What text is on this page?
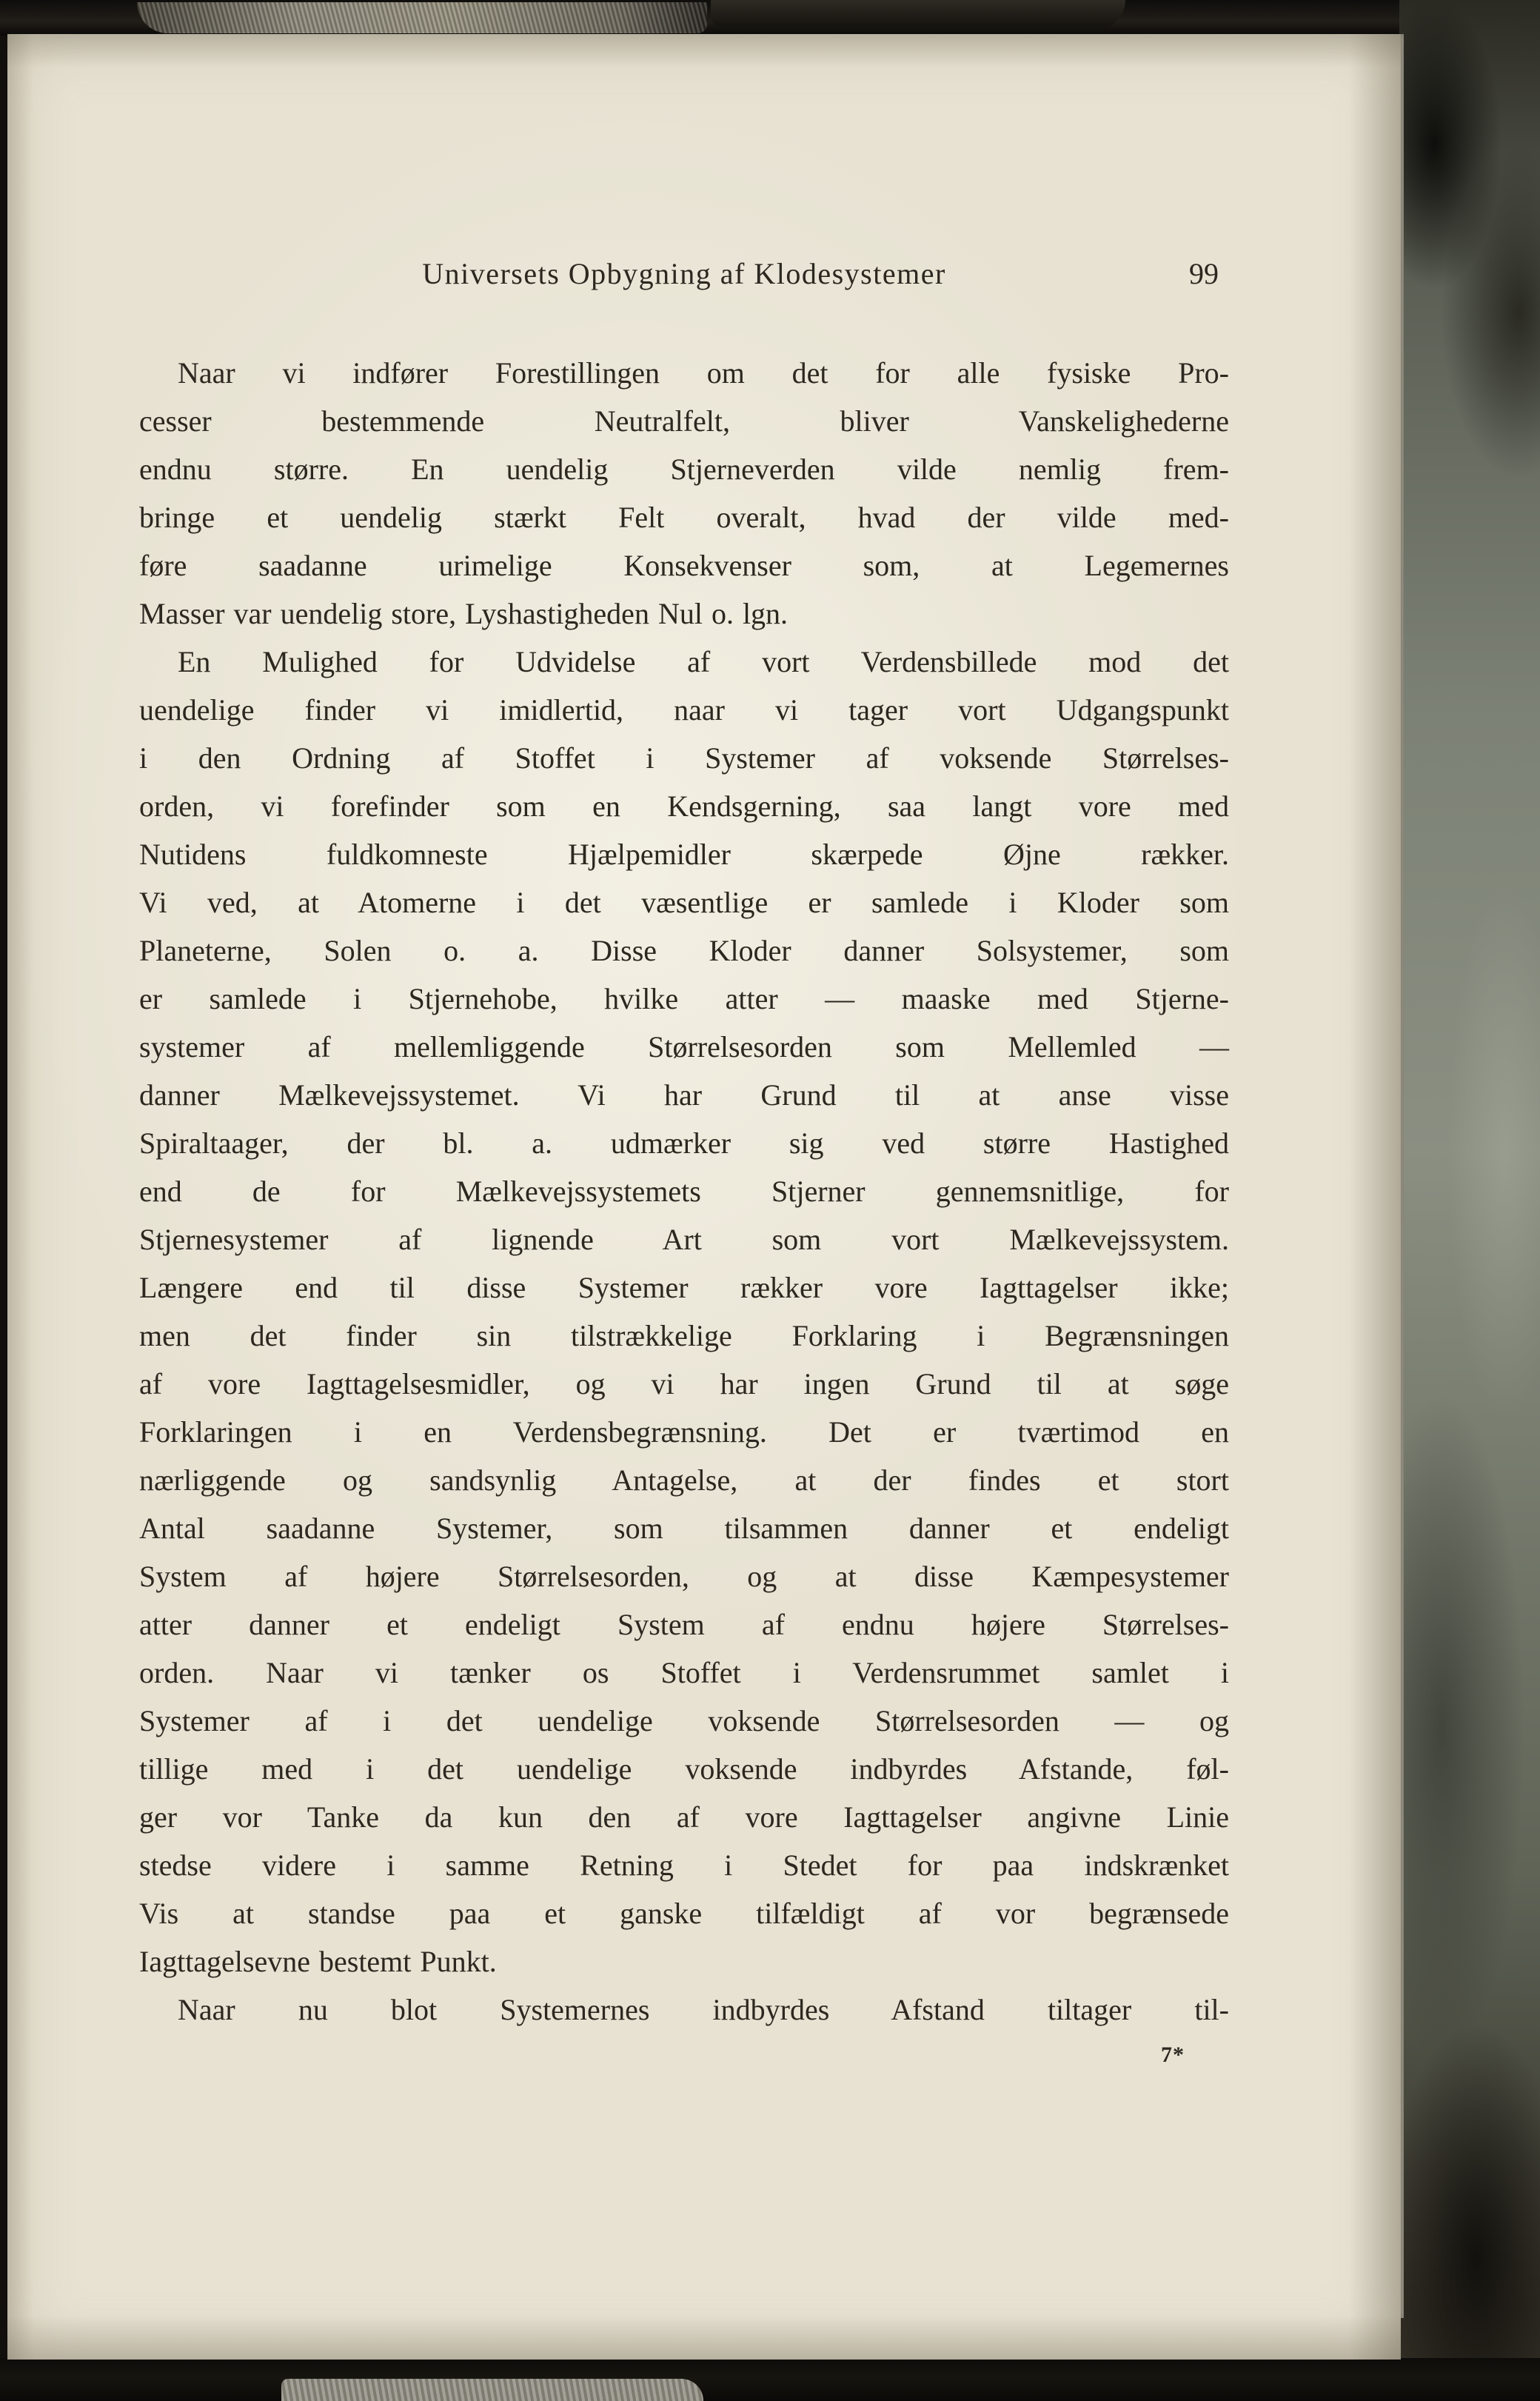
Universets Opbygning af Klodesystemer	99
Naar vi indfører Forestillingen om det for alle fysiske Pro-
cesser bestemmende Neutralfelt, bliver Vanskelighederne
endnu større. En uendelig Stjerneverden vilde nemlig frem-
bringe et uendelig stærkt Felt overalt, hvad der vilde med-
føre saadanne urimelige Konsekvenser som, at Legemernes
Masser var uendelig store, Lyshastigheden Nul o. lgn.
En Mulighed for Udvidelse af vort Verdensbillede mod det
uendelige finder vi imidlertid, naar vi tager vort Udgangspunkt
i den Ordning af Stoffet i Systemer af voksende Størrelses-
orden, vi forefinder som en Kendsgerning, saa langt vore med
Nutidens fuldkomneste Hjælpemidler skærpede Øjne rækker.
Vi ved, at Atomerne i det væsentlige er samlede i Kloder som
Planeterne, Solen o. a. Disse Kloder danner Solsystemer, som
er samlede i Stjernehobe, hvilke atter — maaske med Stjerne-
systemer af mellemliggende Størrelsesorden som Mellemled —
danner Mælkevejssystemet. Vi har Grund til at anse visse
Spiraltaager, der bl. a. udmærker sig ved større Hastighed
end de for Mælkevejssystemets Stjerner gennemsnitlige, for
Stjernesystemer af lignende Art som vort Mælkevejssystem.
Længere end til disse Systemer rækker vore Iagttagelser ikke;
men det finder sin tilstrækkelige Forklaring i Begrænsningen
af vore Iagttagelsesmidler, og vi har ingen Grund til at søge
Forklaringen i en Verdensbegrænsning. Det er tværtimod en
nærliggende og sandsynlig Antagelse, at der findes et stort
Antal saadanne Systemer, som tilsammen danner et endeligt
System af højere Størrelsesorden, og at disse Kæmpesystemer
atter danner et endeligt System af endnu højere Størrelses-
orden. Naar vi tænker os Stoffet i Verdensrummet samlet i
Systemer af i det uendelige voksende Størrelsesorden — og
tillige med i det uendelige voksende indbyrdes Afstande, føl-
ger vor Tanke da kun den af vore Iagttagelser angivne Linie
stedse videre i samme Retning i Stedet for paa indskrænket
Vis at standse paa et ganske tilfældigt af vor begrænsede
Iagttagelsevne bestemt Punkt.
Naar nu blot Systemernes indbyrdes Afstand tiltager til-
7*
